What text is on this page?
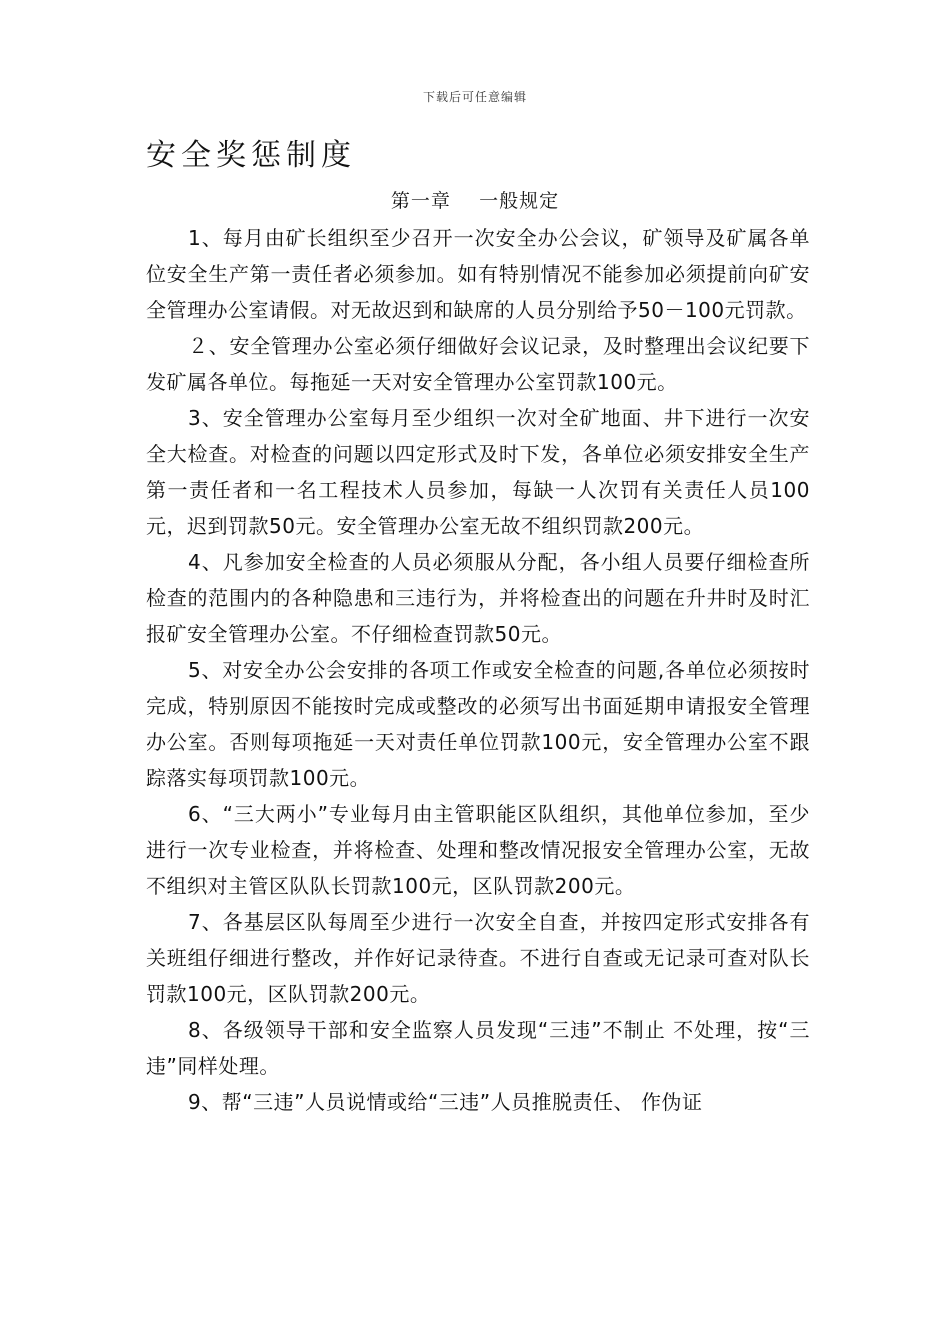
下载后可任意编辑
安全奖惩制度
第一章    一般规定

1、每月由矿长组织至少召开一次安全办公会议，矿领导及矿属各单位安全生产第一责任者必须参加。如有特别情况不能参加必须提前向矿安全管理办公室请假。对无故迟到和缺席的人员分别给予50－100元罚款。

２、安全管理办公室必须仔细做好会议记录，及时整理出会议纪要下发矿属各单位。每拖延一天对安全管理办公室罚款100元。

3、安全管理办公室每月至少组织一次对全矿地面、井下进行一次安全大检查。对检查的问题以四定形式及时下发，各单位必须安排安全生产第一责任者和一名工程技术人员参加，每缺一人次罚有关责任人员100 元，迟到罚款50元。安全管理办公室无故不组织罚款200元。

4、凡参加安全检查的人员必须服从分配，各小组人员要仔细检查所检查的范围内的各种隐患和三违行为，并将检查出的问题在升井时及时汇报矿安全管理办公室。不仔细检查罚款50元。

5、对安全办公会安排的各项工作或安全检查的问题,各单位必须按时完成，特别原因不能按时完成或整改的必须写出书面延期申请报安全管理办公室。否则每项拖延一天对责任单位罚款100元，安全管理办公室不跟踪落实每项罚款100元。

6、“三大两小”专业每月由主管职能区队组织，其他单位参加，至少进行一次专业检查，并将检查、处理和整改情况报安全管理办公室，无故不组织对主管区队队长罚款100元，区队罚款200元。

7、各基层区队每周至少进行一次安全自查，并按四定形式安排各有关班组仔细进行整改，并作好记录待查。不进行自查或无记录可查对队长罚款100元，区队罚款200元。

8、各级领导干部和安全监察人员发现“三违”不制止 不处理，按“三违”同样处理。

9、帮“三违”人员说情或给“三违”人员推脱责任、 作伪证
